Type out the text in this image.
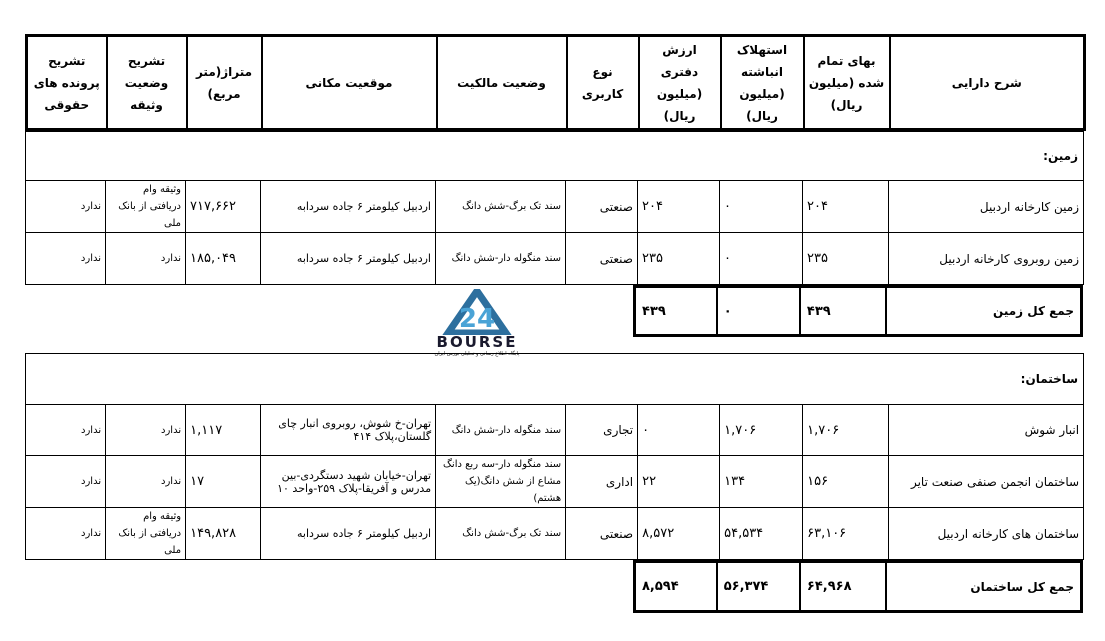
شرح دارایی	بهای تمام شده (میلیون ریال)	استهلاک انباشته (میلیون ریال)	ارزش دفتری (میلیون ریال)	نوع کاربری	وضعیت مالکیت	موقعیت مکانی	متراژ(متر مربع)	تشریح وضعیت وثیقه	تشریح پرونده های حقوقی
زمین:									
زمین کارخانه اردبیل	۲۰۴	۰	۲۰۴	صنعتی	سند تک برگ-شش دانگ	اردبیل کیلومتر ۶ جاده سردابه	۷۱۷,۶۶۲	وثیقه وام دریافتی از بانک ملی	ندارد
زمین روبروی کارخانه اردبیل	۲۳۵	۰	۲۳۵	صنعتی	سند منگوله دار-شش دانگ	اردبیل کیلومتر ۶ جاده سردابه	۱۸۵,۰۴۹	ندارد	ندارد
جمع کل زمین	۴۳۹	۰	۴۳۹
24
BOURSE
پایگاه اطلاع رسانی و تحلیلی بورس ایران
ساختمان:									
انبار شوش	۱,۷۰۶	۱,۷۰۶	۰	تجاری	سند منگوله دار-شش دانگ	تهران-خ شوش، روبروی انبار چای گلستان،پلاک ۴۱۴	۱,۱۱۷	ندارد	ندارد
ساختمان انجمن صنفی صنعت تایر	۱۵۶	۱۳۴	۲۲	اداری	سند منگوله دار-سه ربع دانگ مشاع از شش دانگ(یک هشتم)	تهران-خیابان شهید دستگردی-بین مدرس و آفریقا-پلاک ۲۵۹-واحد ۱۰	۱۷	ندارد	ندارد
ساختمان های کارخانه اردبیل	۶۳,۱۰۶	۵۴,۵۳۴	۸,۵۷۲	صنعتی	سند تک برگ-شش دانگ	اردبیل کیلومتر ۶ جاده سردابه	۱۴۹,۸۲۸	وثیقه وام دریافتی از بانک ملی	ندارد
جمع کل ساختمان	۶۴,۹۶۸	۵۶,۳۷۴	۸,۵۹۴
